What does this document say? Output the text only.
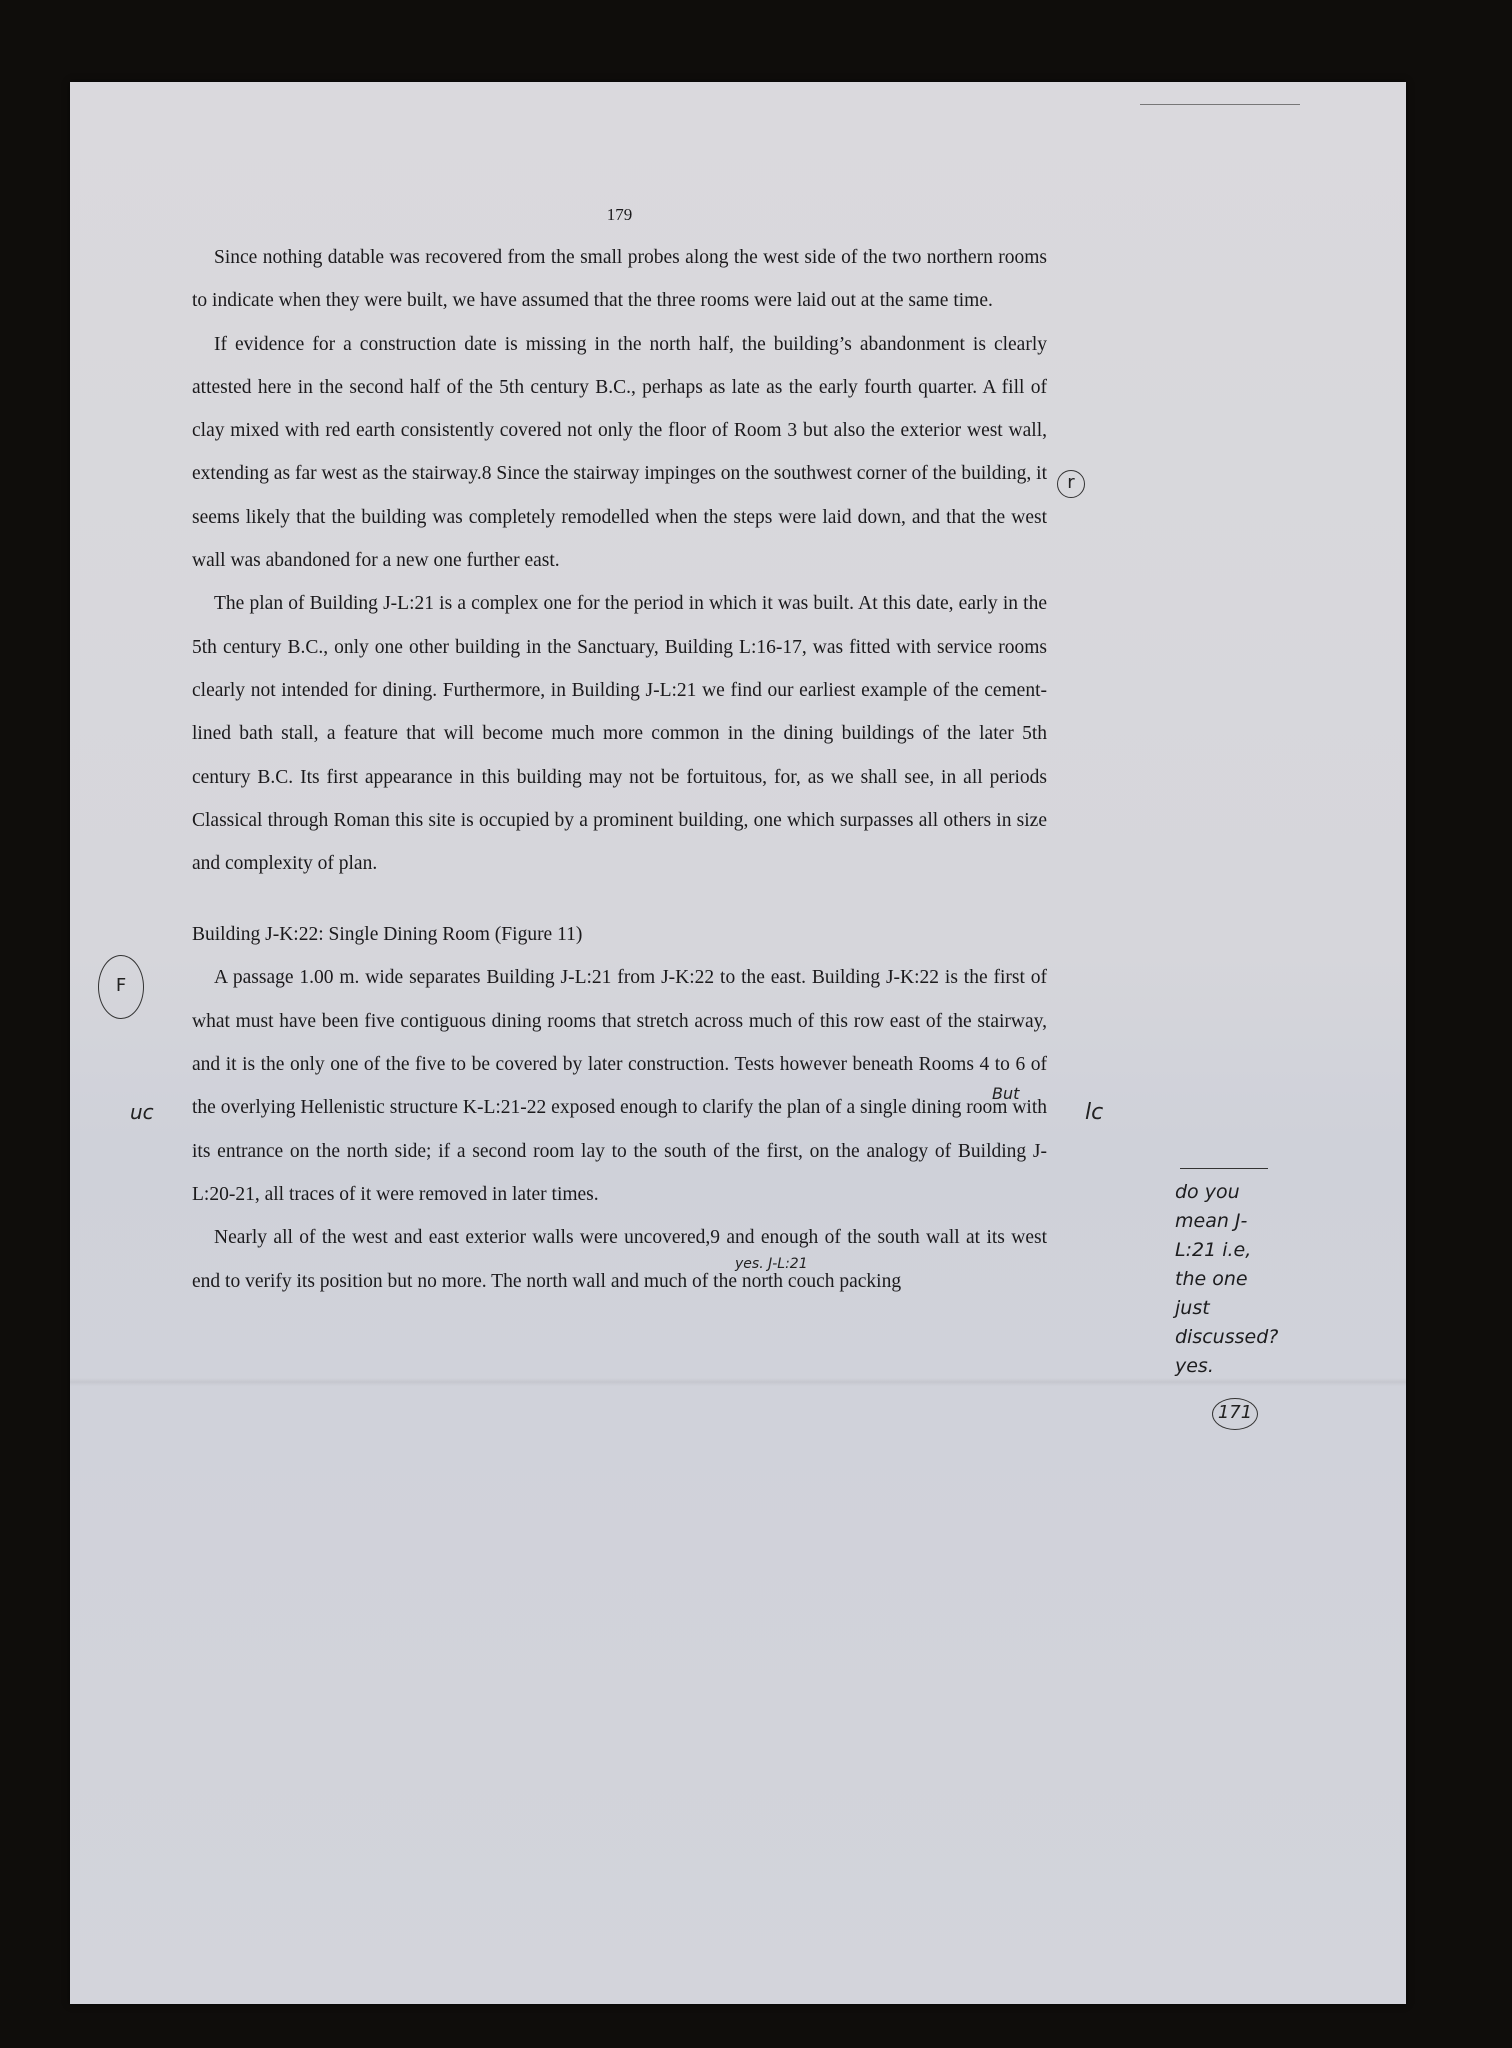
179

Since nothing datable was recovered from the small probes along the west side of the two northern rooms to indicate when they were built, we have assumed that the three rooms were laid out at the same time.

If evidence for a construction date is missing in the north half, the building’s abandonment is clearly attested here in the second half of the 5th century B.C., perhaps as late as the early fourth quarter. A fill of clay mixed with red earth consistently covered not only the floor of Room 3 but also the exterior west wall, extending as far west as the stairway.8 Since the stairway impinges on the southwest corner of the building, it seems likely that the building was completely remodelled when the steps were laid down, and that the west wall was abandoned for a new one further east.

The plan of Building J-L:21 is a complex one for the period in which it was built. At this date, early in the 5th century B.C., only one other building in the Sanctuary, Building L:16-17, was fitted with service rooms clearly not intended for dining. Furthermore, in Building J-L:21 we find our earliest example of the cement-lined bath stall, a feature that will become much more common in the dining buildings of the later 5th century B.C. Its first appearance in this building may not be fortuitous, for, as we shall see, in all periods Classical through Roman this site is occupied by a prominent building, one which surpasses all others in size and complexity of plan.

Building J-K:22: Single Dining Room (Figure 11)

A passage 1.00 m. wide separates Building J-L:21 from J-K:22 to the east. Building J-K:22 is the first of what must have been five contiguous dining rooms that stretch across much of this row east of the stairway, and it is the only one of the five to be covered by later construction. Tests however beneath Rooms 4 to 6 of the overlying Hellenistic structure K-L:21-22 exposed enough to clarify the plan of a single dining room with its entrance on the north side; if a second room lay to the south of the first, on the analogy of Building J-L:20-21, all traces of it were removed in later times.

Nearly all of the west and east exterior walls were uncovered,9 and enough of the south wall at its west end to verify its position but no more. The north wall and much of the north couch packing

r
F
uc	lc
But
yes. J-L:21
do you mean J-L:21 i.e, the one just discussed? yes.
171
